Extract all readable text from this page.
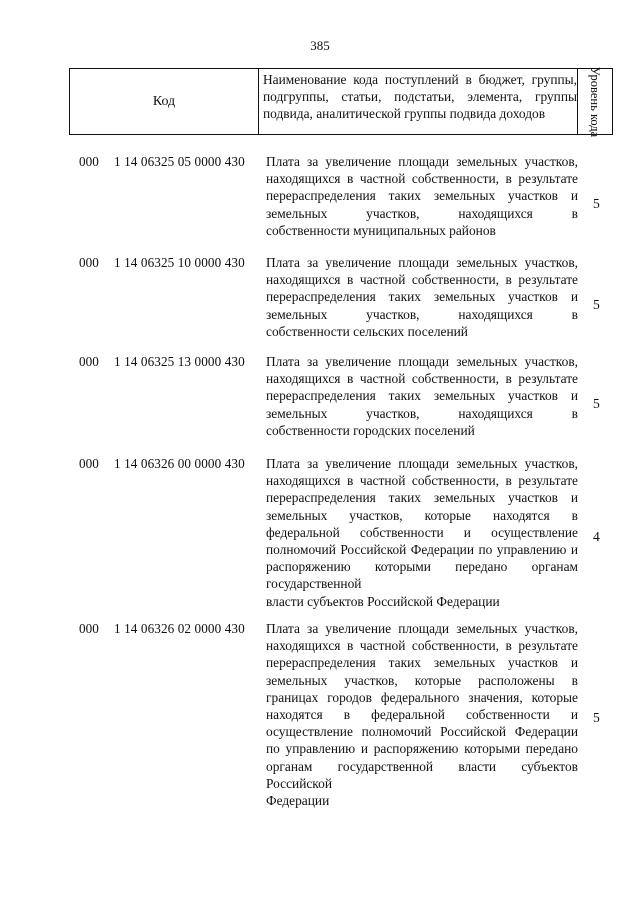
385
Код
Наименование кода поступлений в бюджет, группы, подгруппы, статьи, подстатьи, элемента, группы подвида, аналитической группы подвида доходов	Уровень кода
000 1 14 06325 05 0000 430 Плата за увеличение площади земельных участков, находящихся в частной собственности, в результате перераспределения таких земельных участков и земельных участков, находящихся в
собственности муниципальных районов
5
000 1 14 06325 10 0000 430 Плата за увеличение площади земельных участков, находящихся в частной собственности, в результате перераспределения таких земельных участков и земельных участков, находящихся в
собственности сельских поселений
5
000 1 14 06325 13 0000 430 Плата за увеличение площади земельных участков, находящихся в частной собственности, в результате перераспределения таких земельных участков и земельных участков, находящихся в
собственности городских поселений
5
000 1 14 06326 00 0000 430 Плата за увеличение площади земельных участков, находящихся в частной собственности, в результате перераспределения таких земельных участков и земельных участков, которые находятся в федеральной собственности и осуществление полномочий Российской Федерации по управлению и распоряжению которыми передано органам государственной
власти субъектов Российской Федерации
4
000 1 14 06326 02 0000 430 Плата за увеличение площади земельных участков, находящихся в частной собственности, в результате перераспределения таких земельных участков и земельных участков, которые расположены в границах городов федерального значения, которые находятся в федеральной собственности и осуществление полномочий Российской Федерации по управлению и распоряжению которыми передано органам государственной власти субъектов Российской
Федерации
5
